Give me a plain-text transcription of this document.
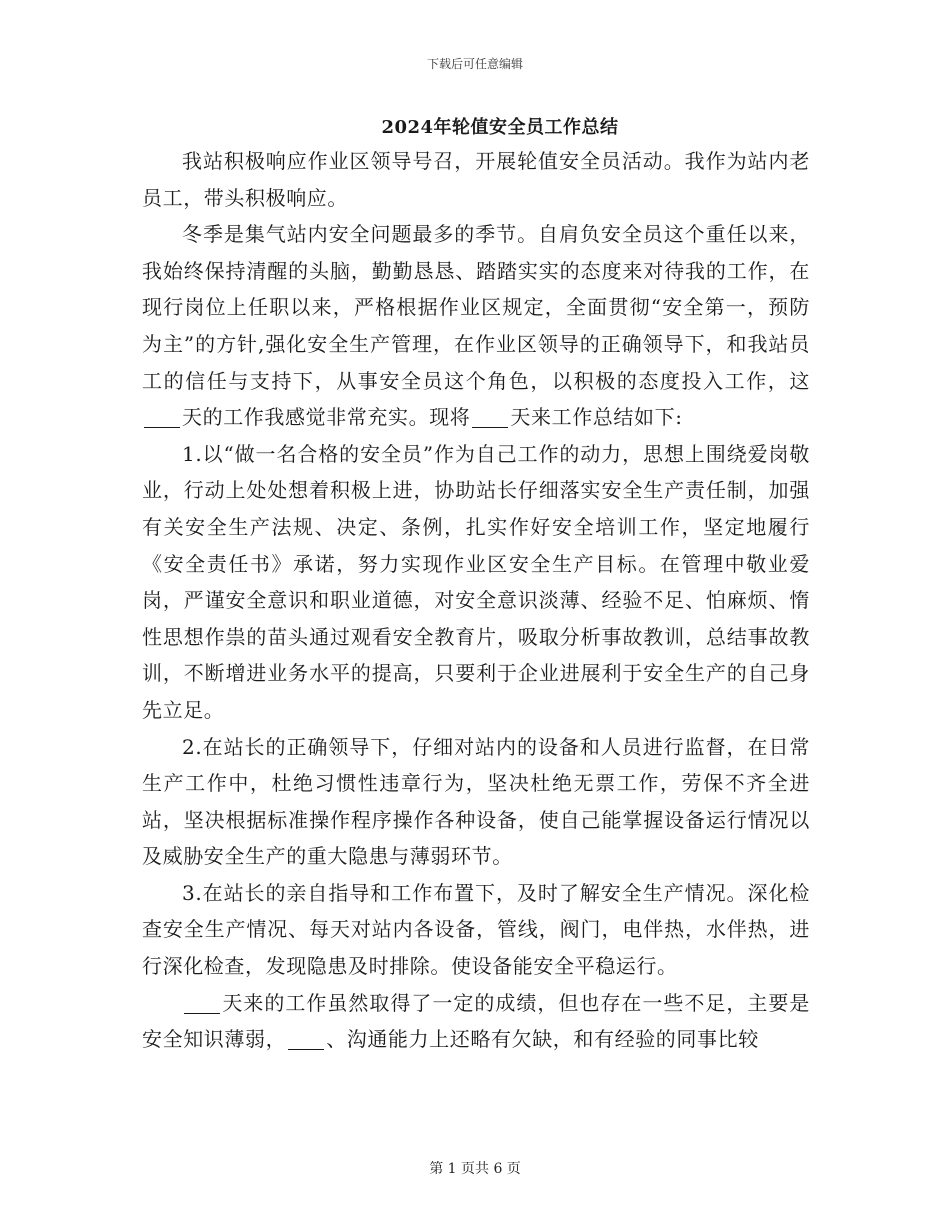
下载后可任意编辑
2024年轮值安全员工作总结

我站积极响应作业区领导号召，开展轮值安全员活动。我作为站内老员工，带头积极响应。

冬季是集气站内安全问题最多的季节。自肩负安全员这个重任以来，我始终保持清醒的头脑，勤勤恳恳、踏踏实实的态度来对待我的工作，在现行岗位上任职以来，严格根据作业区规定，全面贯彻“安全第一，预防为主”的方针,强化安全生产管理，在作业区领导的正确领导下，和我站员工的信任与支持下，从事安全员这个角色，以积极的态度投入工作，这天的工作我感觉非常充实。现将 天来工作总结如下:

1.以“做一名合格的安全员”作为自己工作的动力，思想上围绕爱岗敬业，行动上处处想着积极上进，协助站长仔细落实安全生产责任制，加强有关安全生产法规、决定、条例，扎实作好安全培训工作，坚定地履行《安全责任书》承诺，努力实现作业区安全生产目标。在管理中敬业爱岗，严谨安全意识和职业道德，对安全意识淡薄、经验不足、怕麻烦、惰性思想作祟的苗头通过观看安全教育片，吸取分析事故教训，总结事故教训，不断增进业务水平的提高，只要利于企业进展利于安全生产的自己身先立足。

2.在站长的正确领导下，仔细对站内的设备和人员进行监督，在日常生产工作中，杜绝习惯性违章行为，坚决杜绝无票工作，劳保不齐全进站，坚决根据标准操作程序操作各种设备，使自己能掌握设备运行情况以及威胁安全生产的重大隐患与薄弱环节。

3.在站长的亲自指导和工作布置下，及时了解安全生产情况。深化检查安全生产情况、每天对站内各设备，管线，阀门，电伴热，水伴热，进行深化检查，发现隐患及时排除。使设备能安全平稳运行。

天来的工作虽然取得了一定的成绩，但也存在一些不足，主要是安全知识薄弱， 、沟通能力上还略有欠缺，和有经验的同事比较

第 1 页共 6 页
